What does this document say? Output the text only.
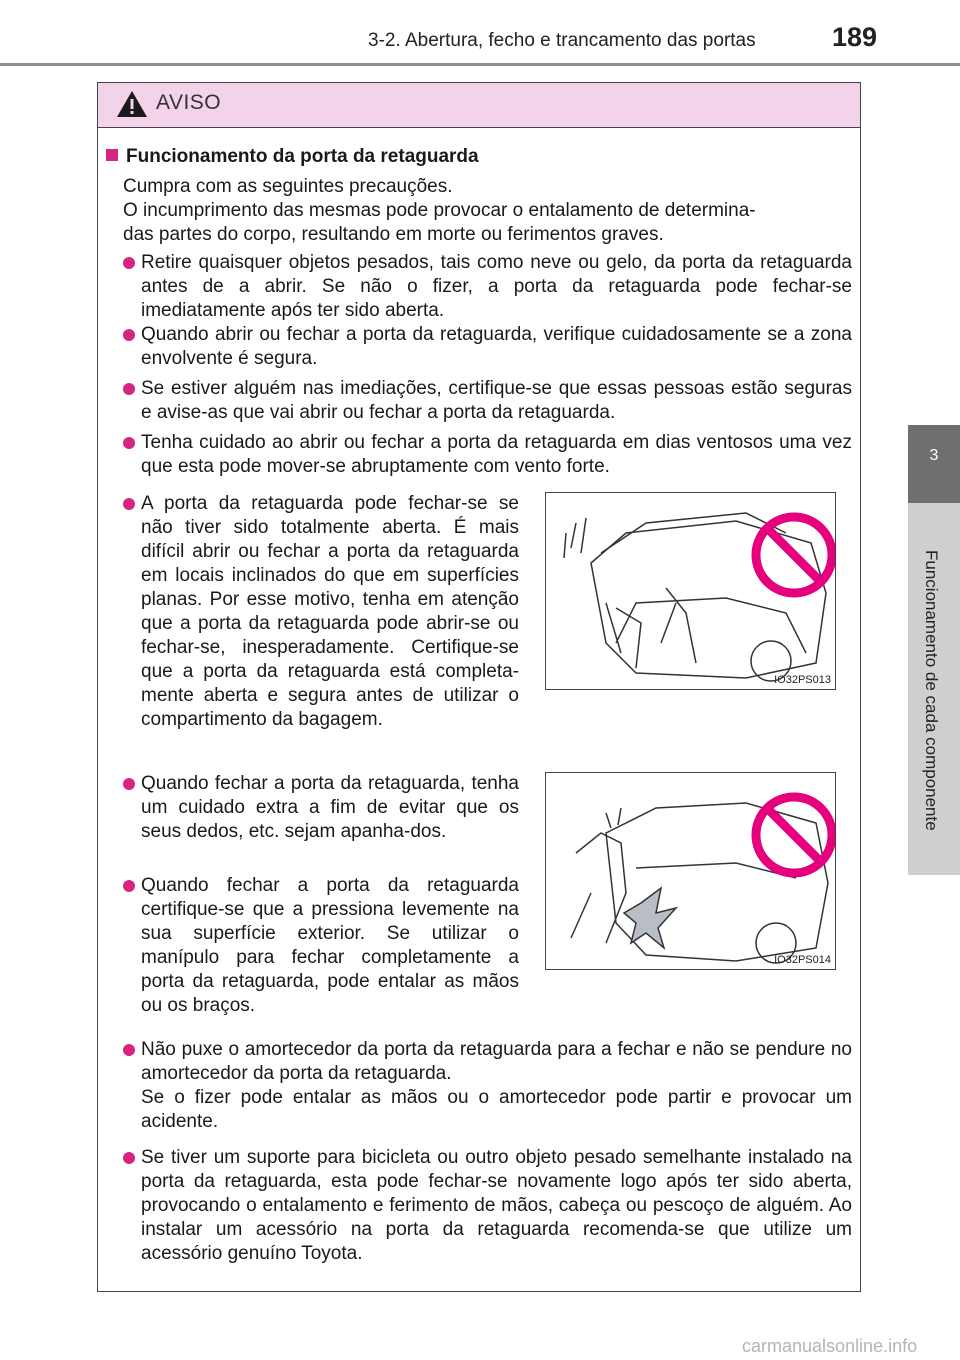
3-2. Abertura, fecho e trancamento das portas	189
3
Funcionamento de cada componente
AVISO
Funcionamento da porta da retaguarda
Cumpra com as seguintes precauções.
O incumprimento das mesmas pode provocar o entalamento de determina-
das partes do corpo, resultando em morte ou ferimentos graves.

Retire quaisquer objetos pesados, tais como neve ou gelo, da porta da retaguarda antes de a abrir. Se não o fizer, a porta da retaguarda pode fechar-se imediatamente após ter sido aberta.

Quando abrir ou fechar a porta da retaguarda, verifique cuidadosamente se a zona envolvente é segura.

Se estiver alguém nas imediações, certifique-se que essas pessoas estão seguras e avise-as que vai abrir ou fechar a porta da retaguarda.

Tenha cuidado ao abrir ou fechar a porta da retaguarda em dias ventosos uma vez que esta pode mover-se abruptamente com vento forte.

A porta da retaguarda pode fechar-se se não tiver sido totalmente aberta. É mais difícil abrir ou fechar a porta da retaguarda em locais inclinados do que em superfícies planas. Por esse motivo, tenha em atenção que a porta da retaguarda pode abrir-se ou fechar-se, inesperadamente. Certifique-se que a porta da retaguarda está completa-mente aberta e segura antes de utilizar o compartimento da bagagem.

IO32PS013

Quando fechar a porta da retaguarda, tenha um cuidado extra a fim de evitar que os seus dedos, etc. sejam apanha-dos.

Quando fechar a porta da retaguarda certifique-se que a pressiona levemente na sua superfície exterior. Se utilizar o manípulo para fechar completamente a porta da retaguarda, pode entalar as mãos ou os braços.

IO32PS014

Não puxe o amortecedor da porta da retaguarda para a fechar e não se pendure no amortecedor da porta da retaguarda.

Se o fizer pode entalar as mãos ou o amortecedor pode partir e provocar um acidente.

Se tiver um suporte para bicicleta ou outro objeto pesado semelhante instalado na porta da retaguarda, esta pode fechar-se novamente logo após ter sido aberta, provocando o entalamento e ferimento de mãos, cabeça ou pescoço de alguém. Ao instalar um acessório na porta da retaguarda recomenda-se que utilize um acessório genuíno Toyota.

carmanualsonline.info
